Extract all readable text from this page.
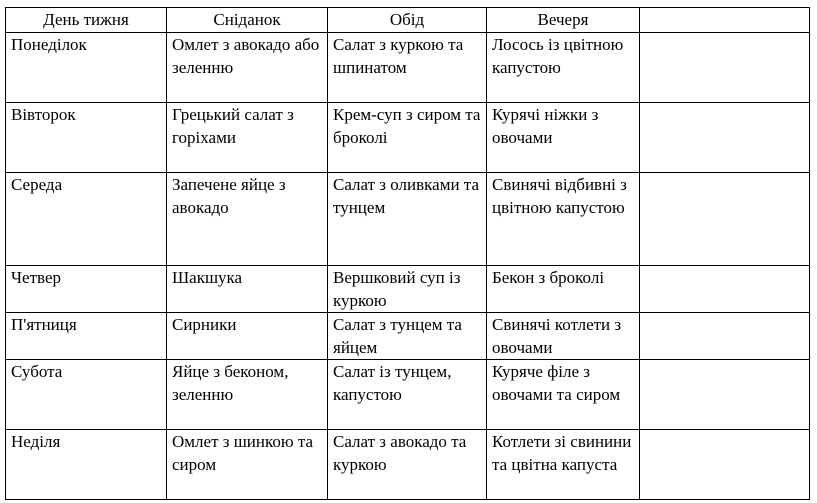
День тижня	Сніданок	Обід	Вечеря	
Понеділок	Омлет з авокадо або зеленню	Салат з куркою та шпинатом	Лосось із цвітною капустою	
Вівторок	Грецький салат з горіхами	Крем-суп з сиром та броколі	Курячі ніжки з овочами	
Середа	Запечене яйце з авокадо	Салат з оливками та тунцем	Свинячі відбивні з цвітною капустою	
Четвер	Шакшука	Вершковий суп із куркою	Бекон з броколі	
П'ятниця	Сирники	Салат з тунцем та яйцем	Свинячі котлети з овочами	
Субота	Яйце з беконом, зеленню	Салат із тунцем, капустою	Куряче філе з овочами та сиром	
Неділя	Омлет з шинкою та сиром	Салат з авокадо та куркою	Котлети зі свинини та цвітна капуста	
